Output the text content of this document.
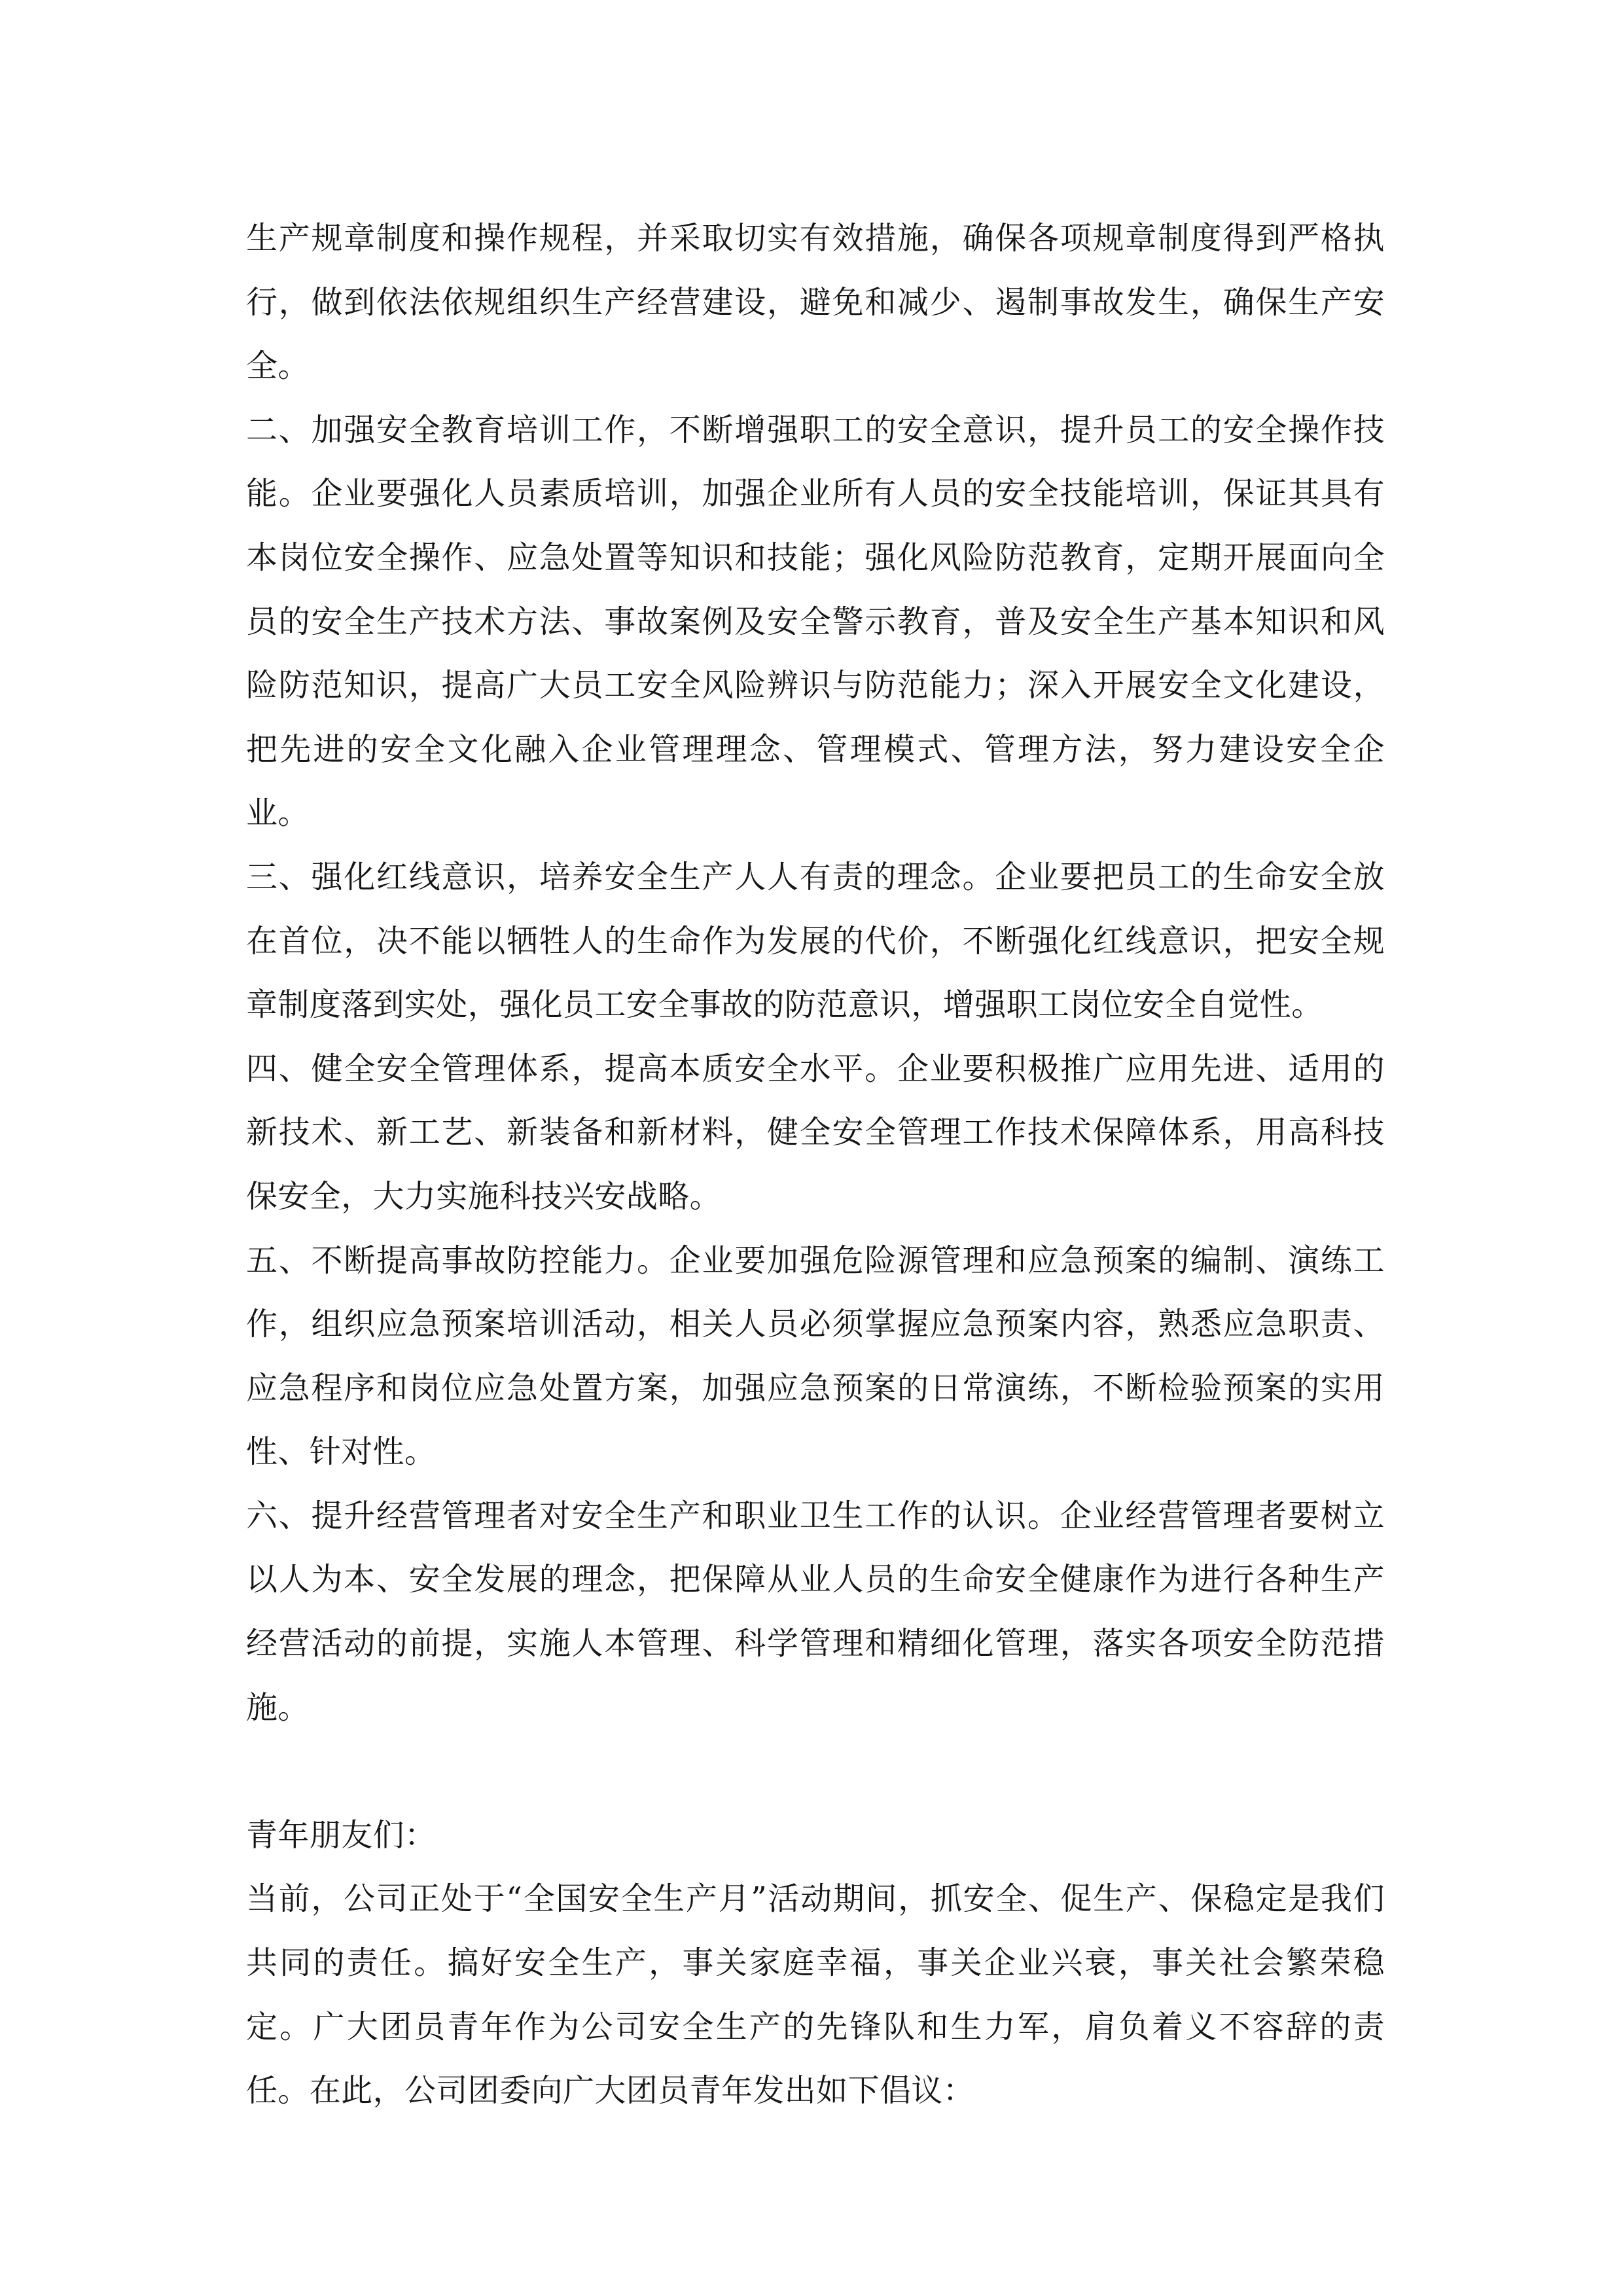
生产规章制度和操作规程，并采取切实有效措施，确保各项规章制度得到严格执行，做到依法依规组织生产经营建设，避免和减少、遏制事故发生，确保生产安全。

二、加强安全教育培训工作，不断增强职工的安全意识，提升员工的安全操作技能。企业要强化人员素质培训，加强企业所有人员的安全技能培训，保证其具有本岗位安全操作、应急处置等知识和技能；强化风险防范教育，定期开展面向全员的安全生产技术方法、事故案例及安全警示教育，普及安全生产基本知识和风险防范知识，提高广大员工安全风险辨识与防范能力；深入开展安全文化建设，把先进的安全文化融入企业管理理念、管理模式、管理方法，努力建设安全企业。

三、强化红线意识，培养安全生产人人有责的理念。企业要把员工的生命安全放在首位，决不能以牺牲人的生命作为发展的代价，不断强化红线意识，把安全规章制度落到实处，强化员工安全事故的防范意识，增强职工岗位安全自觉性。

四、健全安全管理体系，提高本质安全水平。企业要积极推广应用先进、适用的新技术、新工艺、新装备和新材料，健全安全管理工作技术保障体系，用高科技保安全，大力实施科技兴安战略。

五、不断提高事故防控能力。企业要加强危险源管理和应急预案的编制、演练工作，组织应急预案培训活动，相关人员必须掌握应急预案内容，熟悉应急职责、应急程序和岗位应急处置方案，加强应急预案的日常演练，不断检验预案的实用性、针对性。

六、提升经营管理者对安全生产和职业卫生工作的认识。企业经营管理者要树立以人为本、安全发展的理念，把保障从业人员的生命安全健康作为进行各种生产经营活动的前提，实施人本管理、科学管理和精细化管理，落实各项安全防范措施。

青年朋友们：

当前，公司正处于“全国安全生产月”活动期间，抓安全、促生产、保稳定是我们共同的责任。搞好安全生产，事关家庭幸福，事关企业兴衰，事关社会繁荣稳定。广大团员青年作为公司安全生产的先锋队和生力军，肩负着义不容辞的责任。在此，公司团委向广大团员青年发出如下倡议：
